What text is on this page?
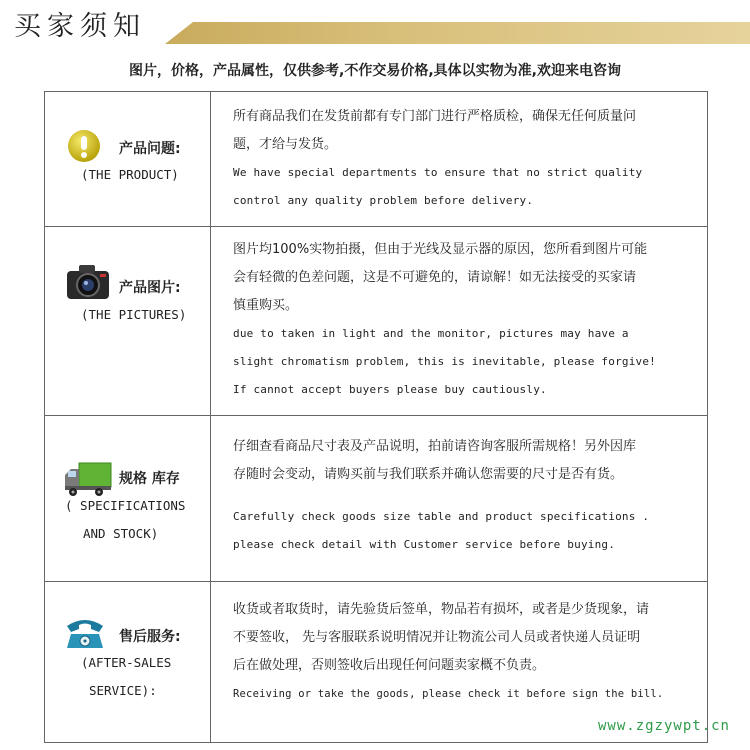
买家须知
图片，价格，产品属性，仅供参考,不作交易价格,具体以实物为准,欢迎来电咨询
产品问题:
(THE PRODUCT)
所有商品我们在发货前都有专门部门进行严格质检，确保无任何质量问
题，才给与发货。
We have special departments to ensure that no strict quality
control any quality problem before delivery.
产品图片:
(THE PICTURES)
图片均100%实物拍摄，但由于光线及显示器的原因，您所看到图片可能
会有轻微的色差问题，这是不可避免的，请谅解！如无法接受的买家请
慎重购买。
due to taken in light and the monitor, pictures may have a
slight chromatism problem, this is inevitable, please forgive!
If cannot accept buyers please buy cautiously.
规格 库存
( SPECIFICATIONS
AND STOCK)
仔细查看商品尺寸表及产品说明，拍前请咨询客服所需规格！另外因库
存随时会变动，请购买前与我们联系并确认您需要的尺寸是否有货。
Carefully check goods size table and product specifications .
please check detail with Customer service before buying.
售后服务:
(AFTER-SALES
SERVICE):
收货或者取货时，请先验货后签单，物品若有损坏，或者是少货现象，请
不要签收， 先与客服联系说明情况并让物流公司人员或者快递人员证明
后在做处理，否则签收后出现任何问题卖家概不负责。
Receiving or take the goods, please check it before sign the bill.
www.zgzywpt.cn
